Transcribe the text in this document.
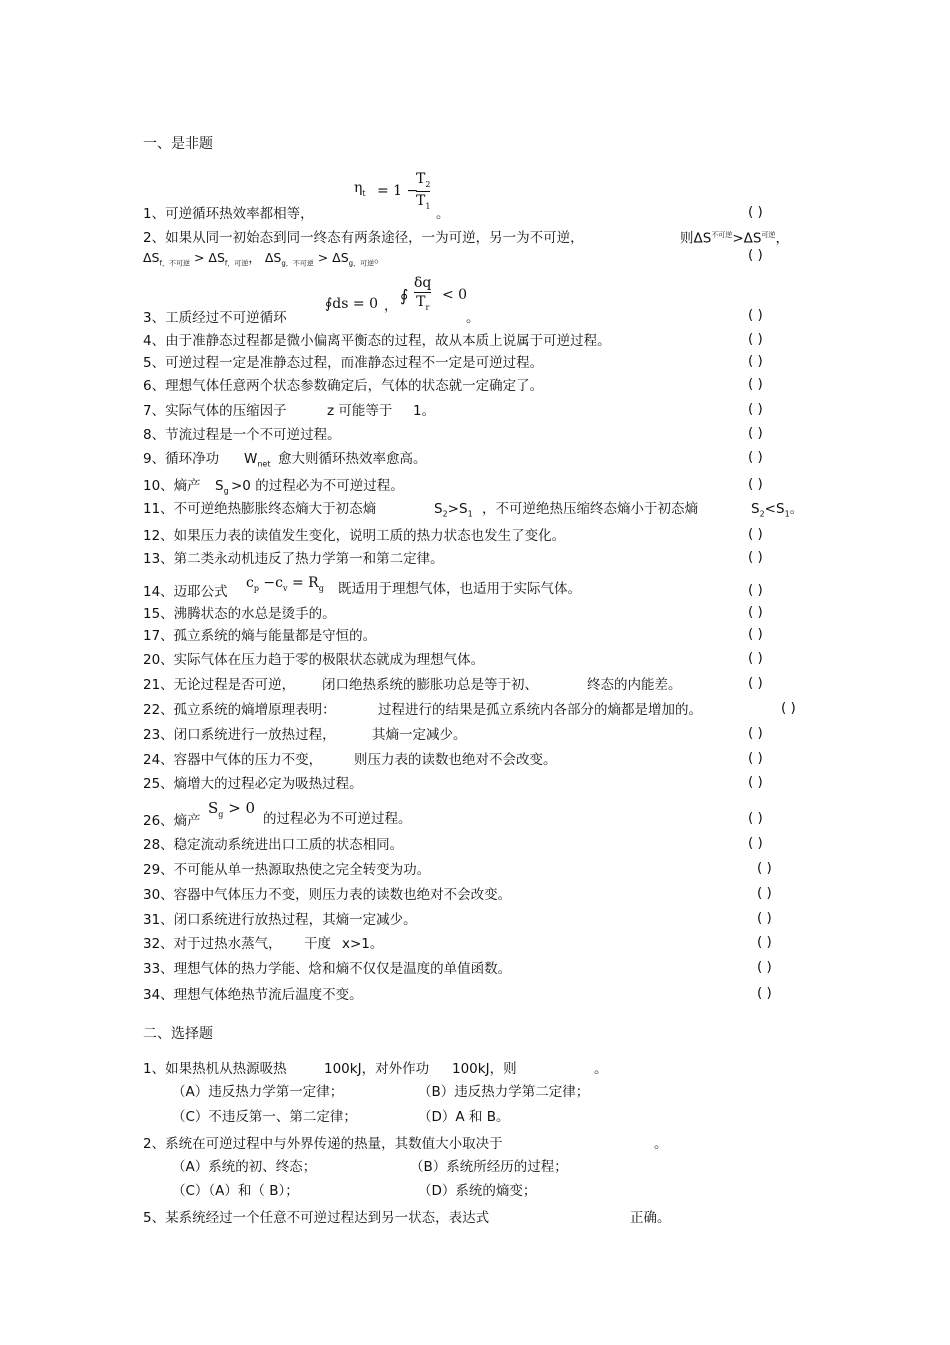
一、是非题
$\eta_t = 1$ −
$T_2$
$T_1$
1、可逆循环热效率都相等，	。	( )
2、如果从同一初始态到同一终态有两条途径，一为可逆，另一为不可逆，	则$\Delta S^{不可逆}>\Delta S^{可逆}$，
$\Delta S_{f,不可逆} > \Delta S_{f,可逆}$， $\Delta S_{g,不可逆} > \Delta S_{g,可逆}$。	( )
∮ds = 0 ，
∮
δq
$T_r$
< 0
3、工质经过不可逆循环	。	( )
4、由于准静态过程都是微小偏离平衡态的过程，故从本质上说属于可逆过程。	( )
5、可逆过程一定是准静态过程，而准静态过程不一定是可逆过程。	( )
6、理想气体任意两个状态参数确定后，气体的状态就一定确定了。	( )
7、实际气体的压缩因子	z 可能等于 1。	( )
8、节流过程是一个不可逆过程。	( )
9、循环净功 $W_{net}$ 愈大则循环热效率愈高。	( )
10、熵产 $S_g >0$ 的过程必为不可逆过程。	( )
11、不可逆绝热膨胀终态熵大于初态熵	$S_2>S_1$ ，不可逆绝热压缩终态熵小于初态熵	$S_2<S_1$。
12、如果压力表的读值发生变化，说明工质的热力状态也发生了变化。	( )
13、第二类永动机违反了热力学第一和第二定律。	( )
$c_p -c_v = R_g$
14、迈耶公式	既适用于理想气体，也适用于实际气体。	( )
15、沸腾状态的水总是烫手的。	( )
17、孤立系统的熵与能量都是守恒的。	( )
20、实际气体在压力趋于零的极限状态就成为理想气体。	( )
21、无论过程是否可逆， 闭口绝热系统的膨胀功总是等于初、	终态的内能差。	( )
22、孤立系统的熵增原理表明：	过程进行的结果是孤立系统内各部分的熵都是增加的。	( )
23、闭口系统进行一放热过程，	其熵一定减少。	( )
24、容器中气体的压力不变， 则压力表的读数也绝对不会改变。	( )
25、熵增大的过程必定为吸热过程。	( )
$S_g > 0$
26、熵产	的过程必为不可逆过程。	( )
28、稳定流动系统进出口工质的状态相同。	( )
29、不可能从单一热源取热使之完全转变为功。	( )
30、容器中气体压力不变，则压力表的读数也绝对不会改变。	( )
31、闭口系统进行放热过程，其熵一定减少。	( )
32、对于过热水蒸气， 干度 x>1。	( )
33、理想气体的热力学能、焓和熵不仅仅是温度的单值函数。	( )
34、理想气体绝热节流后温度不变。	( )
二、选择题
1、如果热机从热源吸热	100kJ，对外作功 100kJ，则	。
（A）违反热力学第一定律；	（B）违反热力学第二定律；
（C）不违反第一、第二定律；	（D）A 和 B。
2、系统在可逆过程中与外界传递的热量，其数值大小取决于	。
（A）系统的初、终态；	（B）系统所经历的过程；
（C）（A）和（ B）；	（D）系统的熵变；
5、某系统经过一个任意不可逆过程达到另一状态，表达式	正确。
